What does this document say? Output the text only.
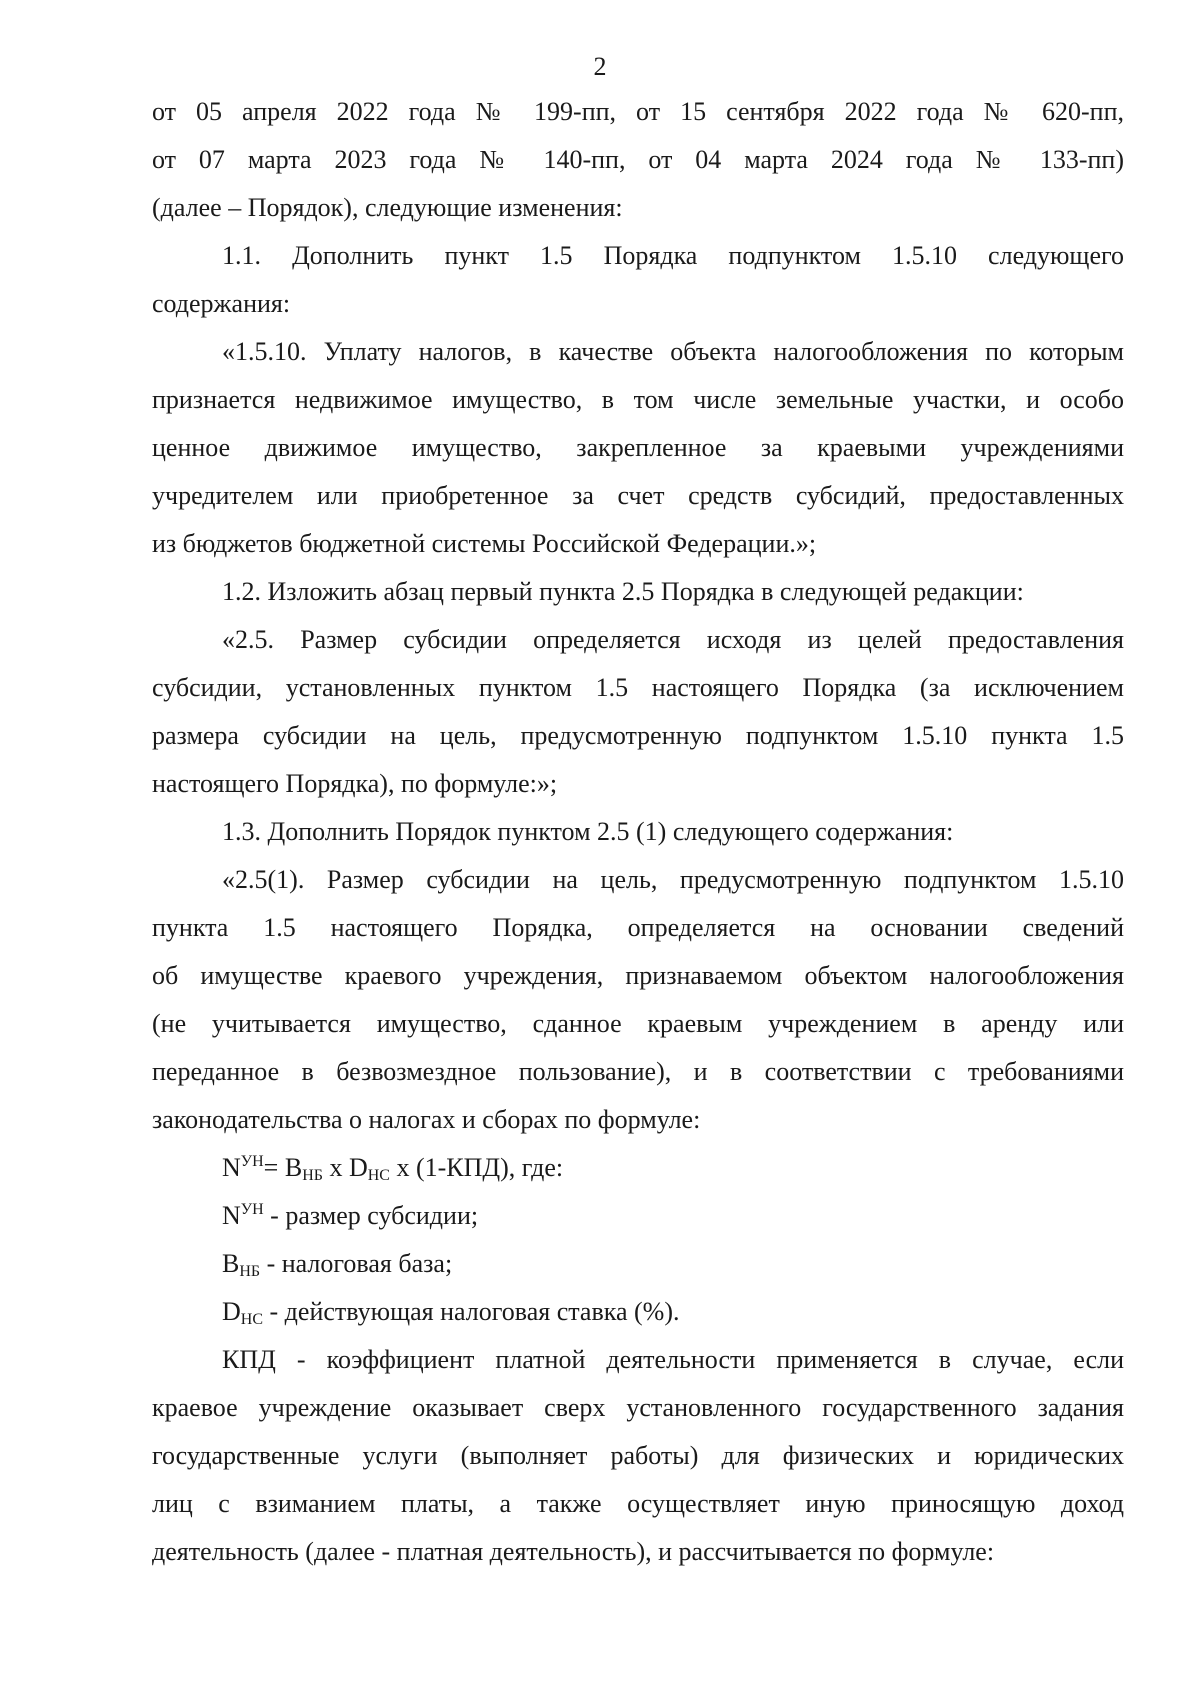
2
от 05 апреля 2022 года № 199-пп, от 15 сентября 2022 года № 620-пп,
от 07 марта 2023 года № 140-пп, от 04 марта 2024 года № 133-пп)
(далее – Порядок), следующие изменения:
1.1. Дополнить пункт 1.5 Порядка подпунктом 1.5.10 следующего
содержания:
«1.5.10. Уплату налогов, в качестве объекта налогообложения по которым
признается недвижимое имущество, в том числе земельные участки, и особо
ценное движимое имущество, закрепленное за краевыми учреждениями
учредителем или приобретенное за счет средств субсидий, предоставленных
из бюджетов бюджетной системы Российской Федерации.»;
1.2. Изложить абзац первый пункта 2.5 Порядка в следующей редакции:
«2.5. Размер субсидии определяется исходя из целей предоставления
субсидии, установленных пунктом 1.5 настоящего Порядка (за исключением
размера субсидии на цель, предусмотренную подпунктом 1.5.10 пункта 1.5
настоящего Порядка), по формуле:»;
1.3. Дополнить Порядок пунктом 2.5 (1) следующего содержания:
«2.5(1). Размер субсидии на цель, предусмотренную подпунктом 1.5.10
пункта 1.5 настоящего Порядка, определяется на основании сведений
об имуществе краевого учреждения, признаваемом объектом налогообложения
(не учитывается имущество, сданное краевым учреждением в аренду или
переданное в безвозмездное пользование), и в соответствии с требованиями
законодательства о налогах и сборах по формуле:
$N^{УН}= B_{НБ}$ x $D_{НС}$ x (1-КПД), где:
$N^{УН}$ - размер субсидии;
$B_{НБ}$ - налоговая база;
$D_{НС}$ - действующая налоговая ставка (%).
КПД - коэффициент платной деятельности применяется в случае, если
краевое учреждение оказывает сверх установленного государственного задания
государственные услуги (выполняет работы) для физических и юридических
лиц с взиманием платы, а также осуществляет иную приносящую доход
деятельность (далее - платная деятельность), и рассчитывается по формуле:
